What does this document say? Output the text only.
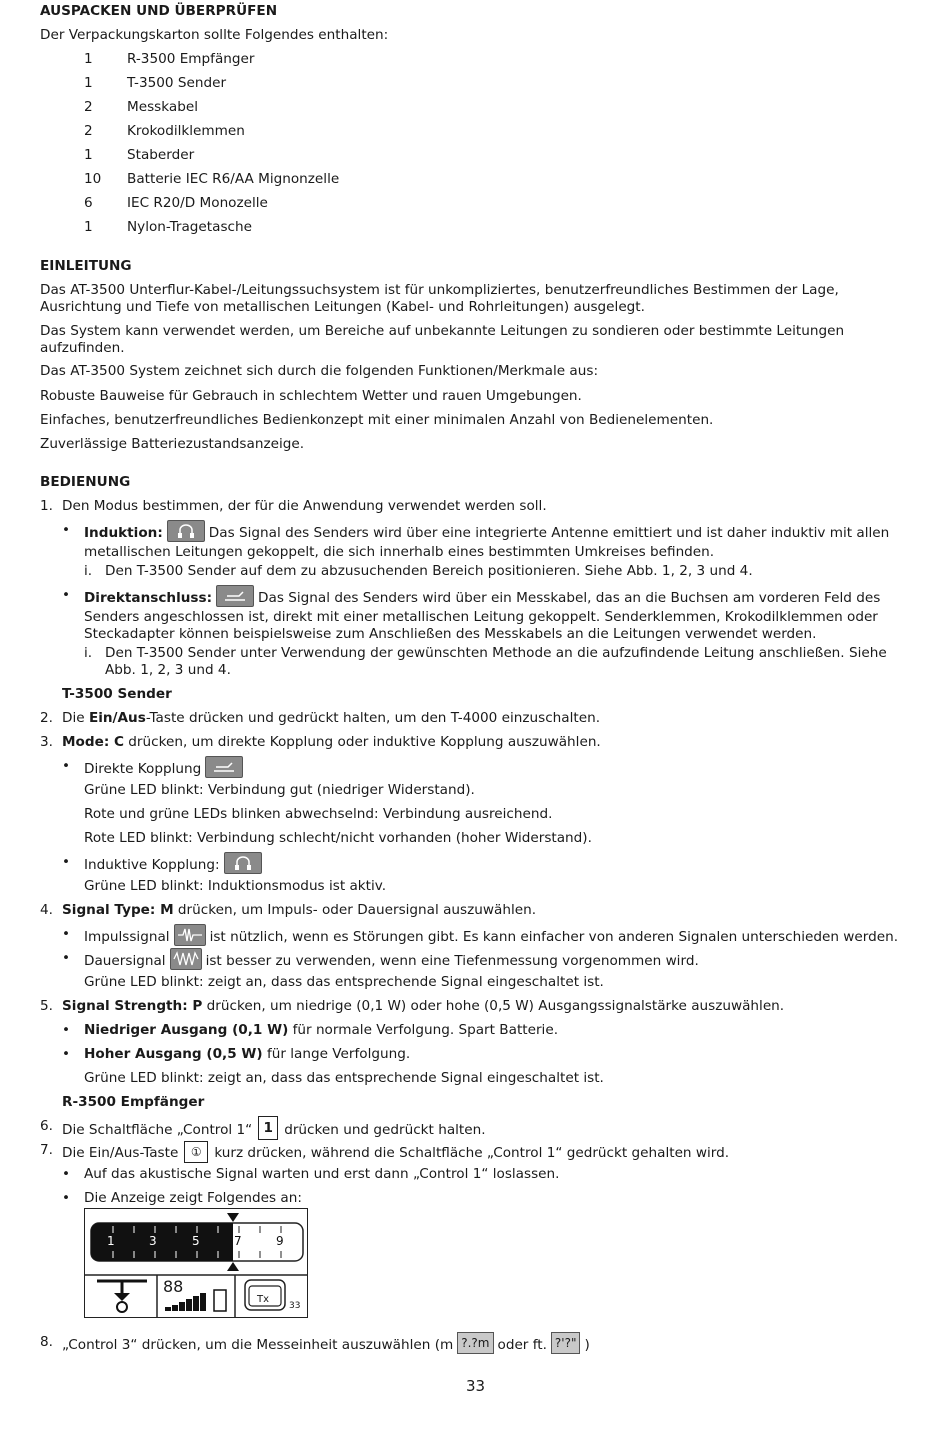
AUSPACKEN UND ÜBERPRÜFEN
Der Verpackungskarton sollte Folgendes enthalten:
1	R-3500 Empfänger
1	T-3500 Sender
2	Messkabel
2	Krokodilklemmen
1	Staberder
10 Batterie IEC R6/AA Mignonzelle
6	IEC R20/D Monozelle
1	Nylon-Tragetasche
EINLEITUNG
Das AT-3500 Unterflur-Kabel-/Leitungssuchsystem ist für unkompliziertes, benutzerfreundliches Bestimmen der Lage, Ausrichtung und Tiefe von metallischen Leitungen (Kabel- und Rohrleitungen) ausgelegt.
Das System kann verwendet werden, um Bereiche auf unbekannte Leitungen zu sondieren oder bestimmte Leitungen aufzufinden.
Das AT-3500 System zeichnet sich durch die folgenden Funktionen/Merkmale aus:
Robuste Bauweise für Gebrauch in schlechtem Wetter und rauen Umgebungen.
Einfaches, benutzerfreundliches Bedienkonzept mit einer minimalen Anzahl von Bedienelementen.
Zuverlässige Batteriezustandsanzeige.
BEDIENUNG
1. Den Modus bestimmen, der für die Anwendung verwendet werden soll.
• Induktion:	Das Signal des Senders wird über eine integrierte Antenne emittiert und ist daher induktiv mit allen metallischen Leitungen gekoppelt, die sich innerhalb eines bestimmten Umkreises befinden.
i. Den T-3500 Sender auf dem zu abzusuchenden Bereich positionieren. Siehe Abb. 1, 2, 3 und 4.
• Direktanschluss:	Das Signal des Senders wird über ein Messkabel, das an die Buchsen am vorderen Feld des Senders angeschlossen ist, direkt mit einer metallischen Leitung gekoppelt. Senderklemmen, Krokodilklemmen oder Steckadapter können beispielsweise zum Anschließen des Messkabels an die Leitungen verwendet werden.
i. Den T-3500 Sender unter Verwendung der gewünschten Methode an die aufzufindende Leitung anschließen. Siehe Abb. 1, 2, 3 und 4.
T-3500 Sender
2. Die Ein/Aus-Taste drücken und gedrückt halten, um den T-4000 einzuschalten.
3. Mode: C drücken, um direkte Kopplung oder induktive Kopplung auszuwählen.
• Direkte Kopplung
Grüne LED blinkt: Verbindung gut (niedriger Widerstand).
Rote und grüne LEDs blinken abwechselnd: Verbindung ausreichend.
Rote LED blinkt: Verbindung schlecht/nicht vorhanden (hoher Widerstand).
• Induktive Kopplung:
Grüne LED blinkt: Induktionsmodus ist aktiv.
4. Signal Type: M drücken, um Impuls- oder Dauersignal auszuwählen.
• Impulssignal	ist nützlich, wenn es Störungen gibt. Es kann einfacher von anderen Signalen unterschieden werden.
• Dauersignal	ist besser zu verwenden, wenn eine Tiefenmessung vorgenommen wird.
Grüne LED blinkt: zeigt an, dass das entsprechende Signal eingeschaltet ist.
5. Signal Strength: P drücken, um niedrige (0,1 W) oder hohe (0,5 W) Ausgangssignalstärke auszuwählen.
• Niedriger Ausgang (0,1 W) für normale Verfolgung. Spart Batterie.
• Hoher Ausgang (0,5 W) für lange Verfolgung.
Grüne LED blinkt: zeigt an, dass das entsprechende Signal eingeschaltet ist.
R-3500 Empfänger
6. Die Schaltfläche „Control 1“ 1 drücken und gedrückt halten.
7. Die Ein/Aus-Taste ① kurz drücken, während die Schaltfläche „Control 1“ gedrückt gehalten wird.
• Auf das akustische Signal warten und erst dann „Control 1“ loslassen.
• Die Anzeige zeigt Folgendes an:
1	3	5	7	9
88
Tx
33
8. „Control 3“ drücken, um die Messeinheit auszuwählen (m ?.?m oder ft. ?'?" )
33
